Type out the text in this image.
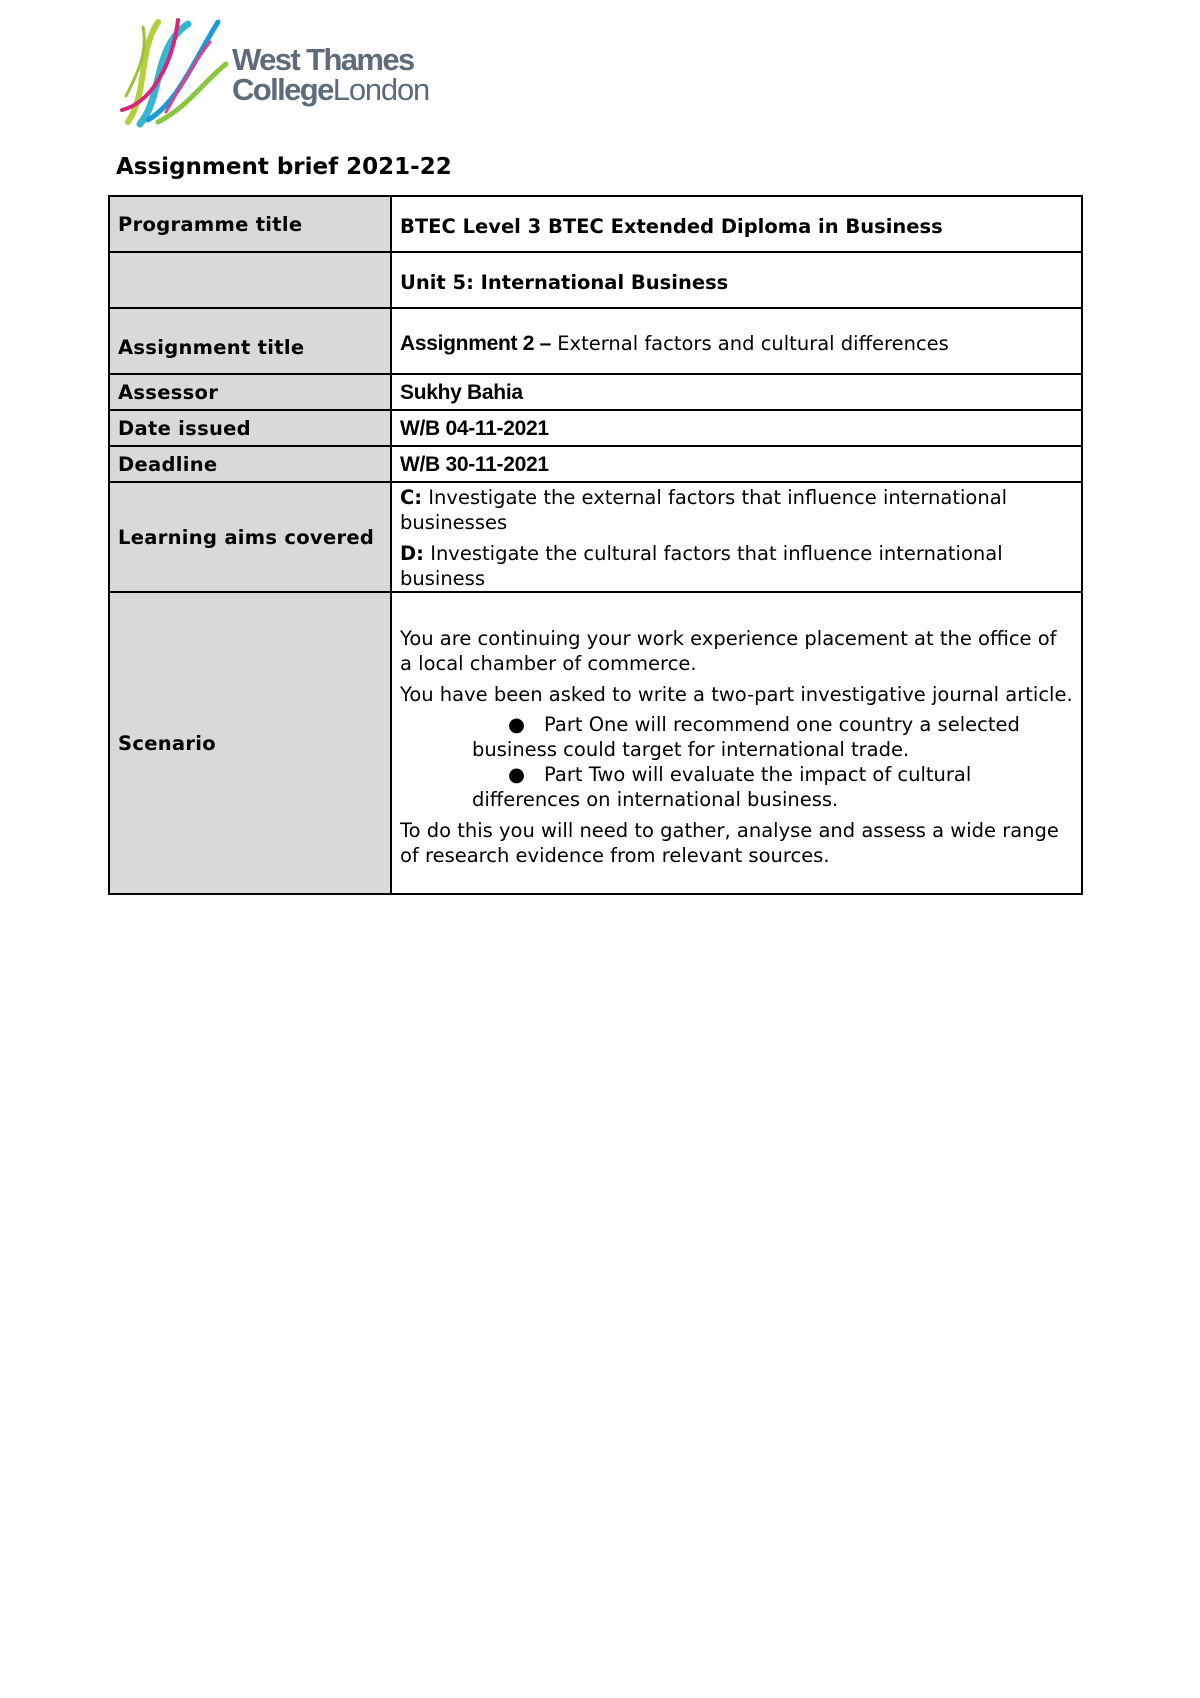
West Thames
CollegeLondon
Assignment brief 2021-22
Programme title	BTEC Level 3 BTEC Extended Diploma in Business

	Unit 5: International Business

Assignment title	Assignment 2 – External factors and cultural differences

Assessor	Sukhy Bahia
Date issued	W/B 04-11-2021
Deadline	W/B 30-11-2021
Learning aims covered	C: Investigate the external factors that influence international businesses

D: Investigate the cultural factors that influence international business

Scenario	You are continuing your work experience placement at the office of a local chamber of commerce.

You have been asked to write a two-part investigative journal article.

● Part One will recommend one country a selected business could target for international trade.
● Part Two will evaluate the impact of cultural differences on international business.

To do this you will need to gather, analyse and assess a wide range of research evidence from relevant sources.
